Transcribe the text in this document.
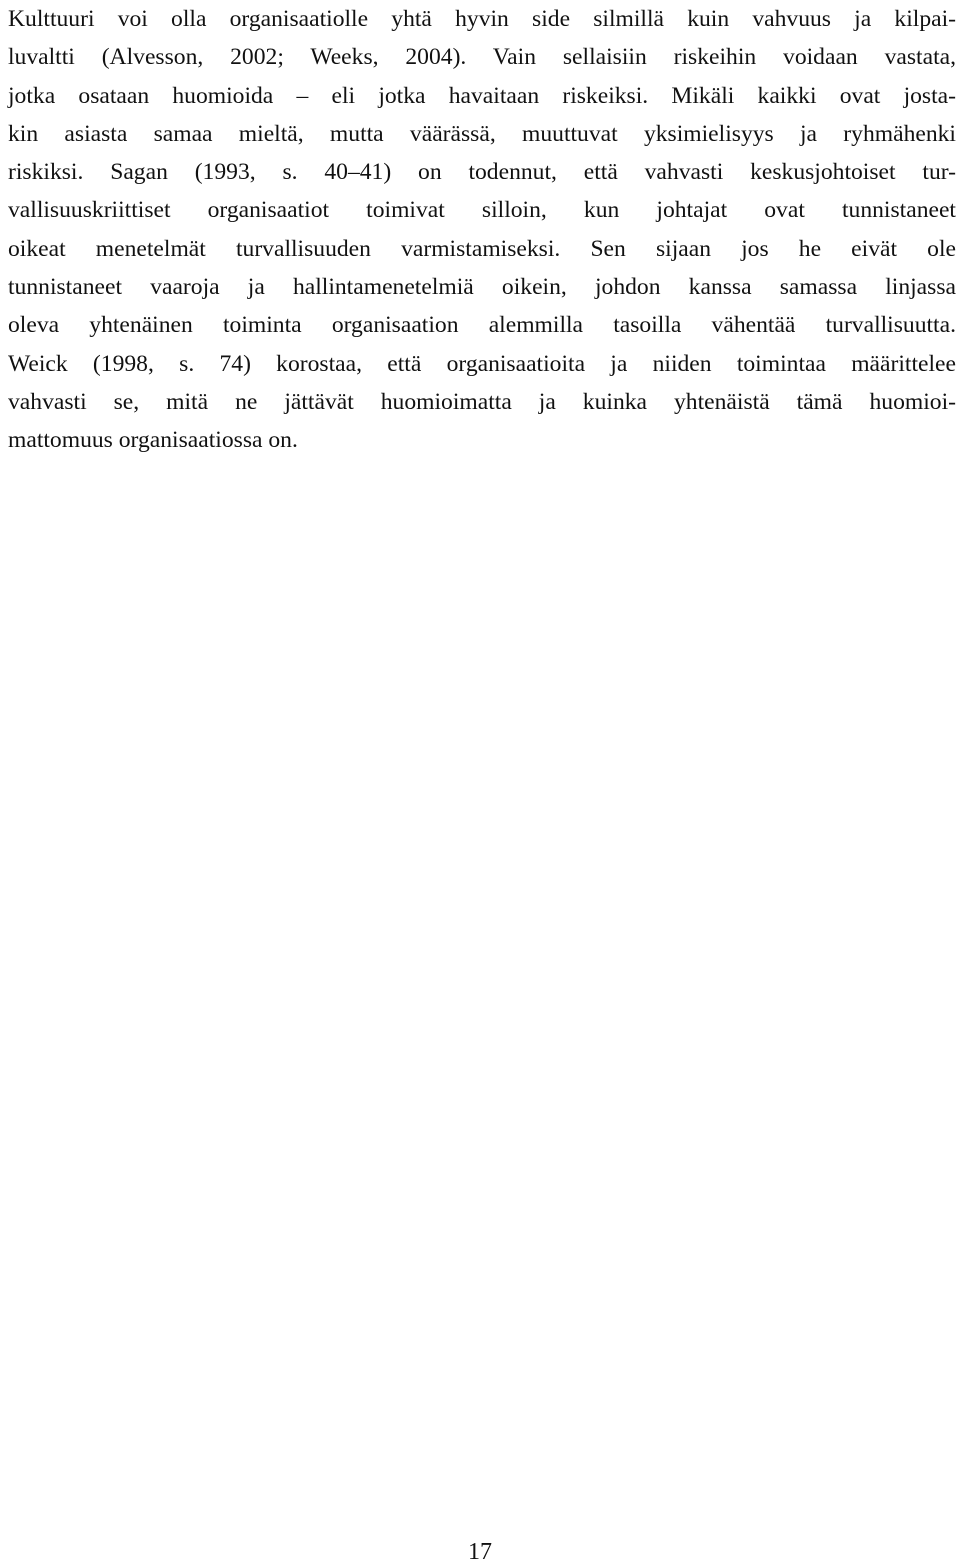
Kulttuuri voi olla organisaatiolle yhtä hyvin side silmillä kuin vahvuus ja kilpai-
luvaltti (Alvesson, 2002; Weeks, 2004). Vain sellaisiin riskeihin voidaan vastata,
jotka osataan huomioida – eli jotka havaitaan riskeiksi. Mikäli kaikki ovat josta-
kin asiasta samaa mieltä, mutta väärässä, muuttuvat yksimielisyys ja ryhmähenki
riskiksi. Sagan (1993, s. 40–41) on todennut, että vahvasti keskusjohtoiset tur-
vallisuuskriittiset organisaatiot toimivat silloin, kun johtajat ovat tunnistaneet
oikeat menetelmät turvallisuuden varmistamiseksi. Sen sijaan jos he eivät ole
tunnistaneet vaaroja ja hallintamenetelmiä oikein, johdon kanssa samassa linjassa
oleva yhtenäinen toiminta organisaation alemmilla tasoilla vähentää turvallisuutta.
Weick (1998, s. 74) korostaa, että organisaatioita ja niiden toimintaa määrittelee
vahvasti se, mitä ne jättävät huomioimatta ja kuinka yhtenäistä tämä huomioi-
mattomuus organisaatiossa on.
17
